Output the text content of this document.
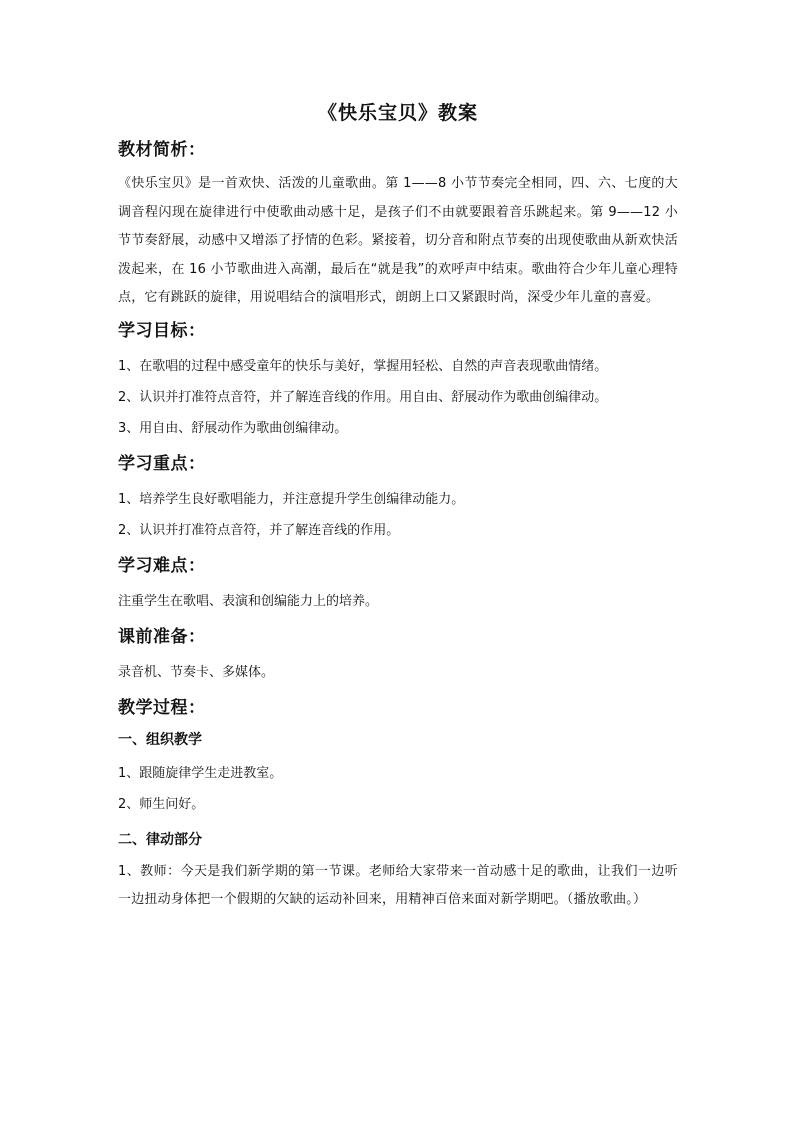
《快乐宝贝》教案
教材简析：

《快乐宝贝》是一首欢快、活泼的儿童歌曲。第 1——8 小节节奏完全相同，四、六、七度的大调音程闪现在旋律进行中使歌曲动感十足，是孩子们不由就要跟着音乐跳起来。第 9——12 小节节奏舒展，动感中又增添了抒情的色彩。紧接着，切分音和附点节奏的出现使歌曲从新欢快活泼起来，在 16 小节歌曲进入高潮，最后在“就是我”的欢呼声中结束。歌曲符合少年儿童心理特点，它有跳跃的旋律，用说唱结合的演唱形式，朗朗上口又紧跟时尚，深受少年儿童的喜爱。

学习目标：

1、在歌唱的过程中感受童年的快乐与美好，掌握用轻松、自然的声音表现歌曲情绪。

2、认识并打准符点音符，并了解连音线的作用。用自由、舒展动作为歌曲创编律动。

3、用自由、舒展动作为歌曲创编律动。

学习重点：

1、培养学生良好歌唱能力，并注意提升学生创编律动能力。

2、认识并打准符点音符，并了解连音线的作用。

学习难点：

注重学生在歌唱、表演和创编能力上的培养。

课前准备：

录音机、节奏卡、多媒体。

教学过程：
一、组织教学

1、跟随旋律学生走进教室。

2、师生问好。

二、律动部分

1、教师：今天是我们新学期的第一节课。老师给大家带来一首动感十足的歌曲，让我们一边听一边扭动身体把一个假期的欠缺的运动补回来，用精神百倍来面对新学期吧。（播放歌曲。）
